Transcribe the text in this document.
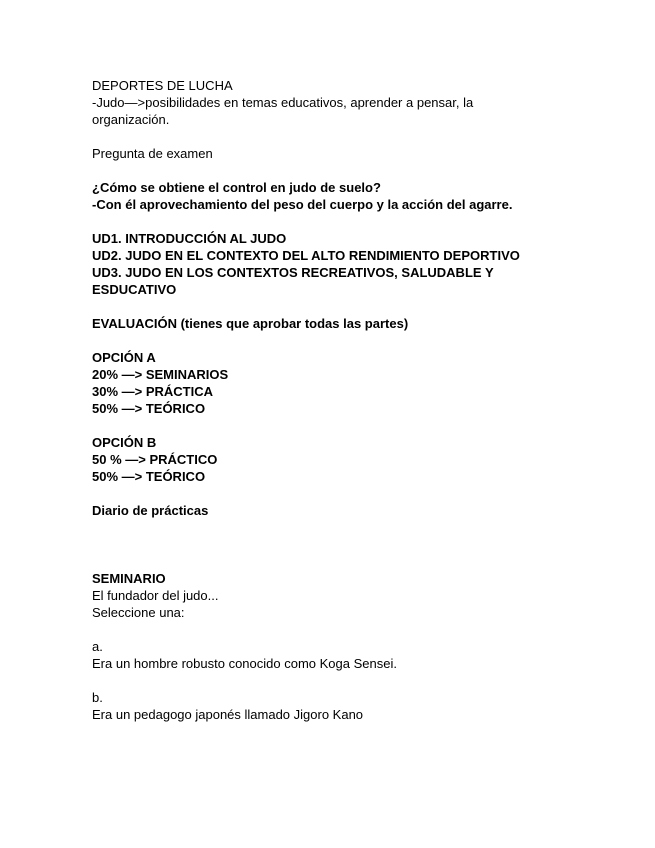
DEPORTES DE LUCHA
-Judo—>posibilidades en temas educativos, aprender a pensar, la
organización.
Pregunta de examen
¿Cómo se obtiene el control en judo de suelo?
-Con él aprovechamiento del peso del cuerpo y la acción del agarre.
UD1. INTRODUCCIÓN AL JUDO
UD2. JUDO EN EL CONTEXTO DEL ALTO RENDIMIENTO DEPORTIVO
UD3. JUDO EN LOS CONTEXTOS RECREATIVOS, SALUDABLE Y
ESDUCATIVO
EVALUACIÓN (tienes que aprobar todas las partes)
OPCIÓN A
20% —> SEMINARIOS
30% —> PRÁCTICA
50% —> TEÓRICO
OPCIÓN B
50 % —> PRÁCTICO
50% —> TEÓRICO
Diario de prácticas
SEMINARIO
El fundador del judo...
Seleccione una:
a.
Era un hombre robusto conocido como Koga Sensei.
b.
Era un pedagogo japonés llamado Jigoro Kano
